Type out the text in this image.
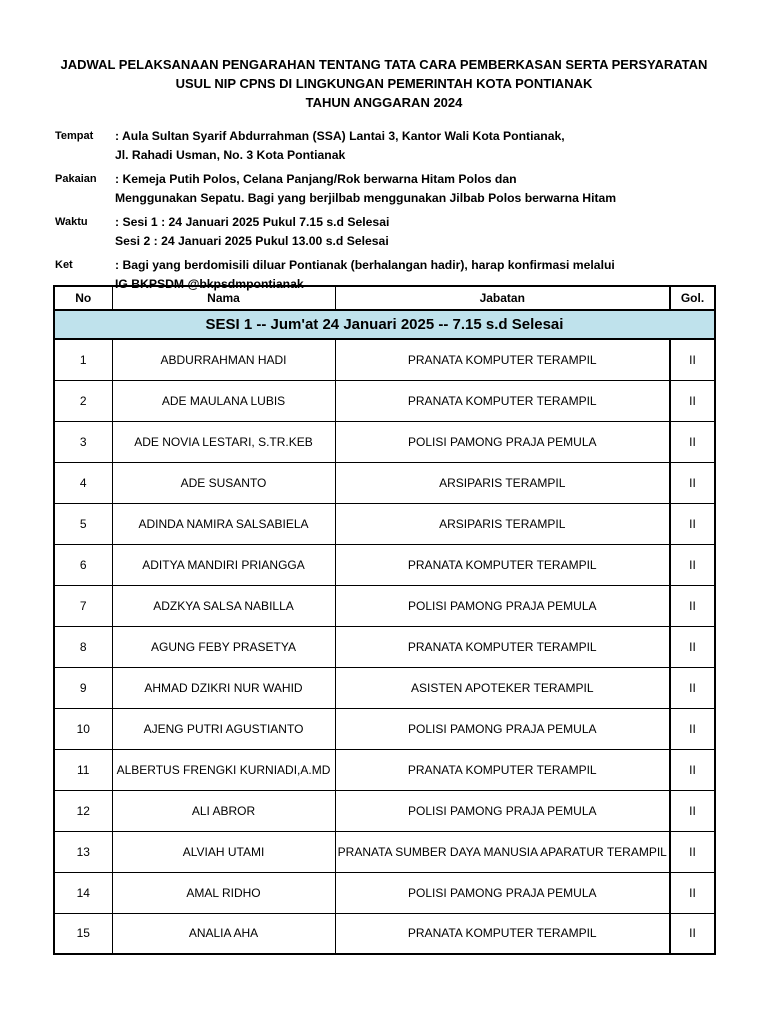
JADWAL PELAKSANAAN PENGARAHAN TENTANG TATA CARA PEMBERKASAN SERTA PERSYARATAN
USUL NIP CPNS DI LINGKUNGAN PEMERINTAH KOTA PONTIANAK
TAHUN ANGGARAN 2024
Tempat	: Aula Sultan Syarif Abdurrahman (SSA) Lantai 3, Kantor Wali Kota Pontianak,
Jl. Rahadi Usman, No. 3 Kota Pontianak
Pakaian	: Kemeja Putih Polos, Celana Panjang/Rok berwarna Hitam Polos dan
Menggunakan Sepatu. Bagi yang berjilbab menggunakan Jilbab Polos berwarna Hitam
Waktu	: Sesi 1 : 24 Januari 2025 Pukul 7.15 s.d Selesai
Sesi 2 : 24 Januari 2025 Pukul 13.00 s.d Selesai
Ket	: Bagi yang berdomisili diluar Pontianak (berhalangan hadir), harap konfirmasi melalui
IG BKPSDM @bkpsdmpontianak
No	Nama	Jabatan	Gol.
SESI 1 -- Jum'at 24 Januari 2025 -- 7.15 s.d Selesai			
1	ABDURRAHMAN HADI	PRANATA KOMPUTER TERAMPIL	II
2	ADE MAULANA LUBIS	PRANATA KOMPUTER TERAMPIL	II
3	ADE NOVIA LESTARI, S.TR.KEB	POLISI PAMONG PRAJA PEMULA	II
4	ADE SUSANTO	ARSIPARIS TERAMPIL	II
5	ADINDA NAMIRA SALSABIELA	ARSIPARIS TERAMPIL	II
6	ADITYA MANDIRI PRIANGGA	PRANATA KOMPUTER TERAMPIL	II
7	ADZKYA SALSA NABILLA	POLISI PAMONG PRAJA PEMULA	II
8	AGUNG FEBY PRASETYA	PRANATA KOMPUTER TERAMPIL	II
9	AHMAD DZIKRI NUR WAHID	ASISTEN APOTEKER TERAMPIL	II
10	AJENG PUTRI AGUSTIANTO	POLISI PAMONG PRAJA PEMULA	II
11	ALBERTUS FRENGKI KURNIADI,A.MD	PRANATA KOMPUTER TERAMPIL	II
12	ALI ABROR	POLISI PAMONG PRAJA PEMULA	II
13	ALVIAH UTAMI	PRANATA SUMBER DAYA MANUSIA APARATUR TERAMPIL	II
14	AMAL RIDHO	POLISI PAMONG PRAJA PEMULA	II
15	ANALIA AHA	PRANATA KOMPUTER TERAMPIL	II
